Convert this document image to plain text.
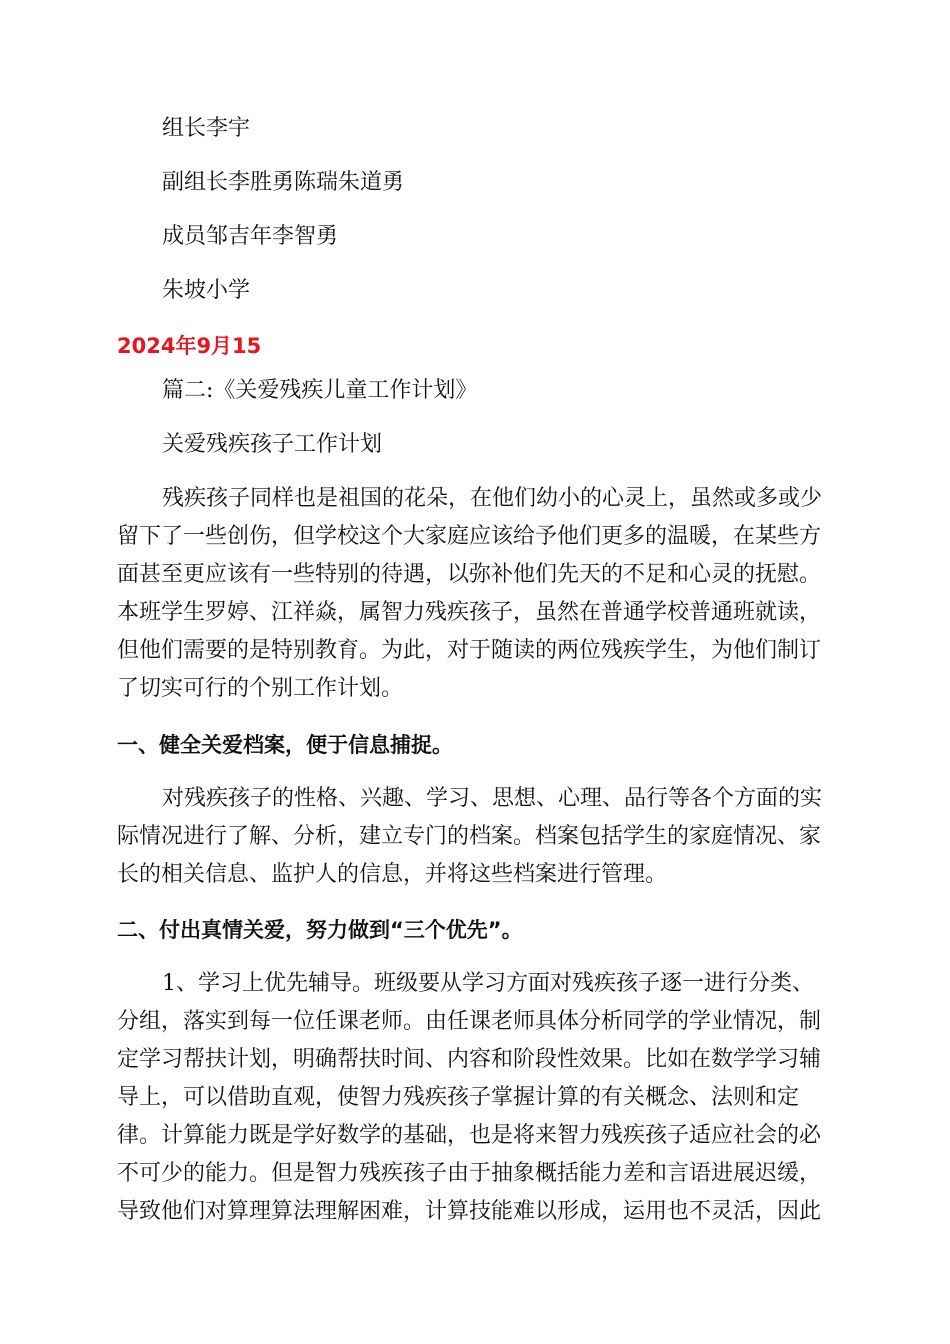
组长李宇
副组长李胜勇陈瑞朱道勇
成员邹吉年李智勇
朱坡小学
2024年9月15
篇二:《关爱残疾儿童工作计划》
关爱残疾孩子工作计划
残疾孩子同样也是祖国的花朵，在他们幼小的心灵上，虽然或多或少
留下了一些创伤，但学校这个大家庭应该给予他们更多的温暖，在某些方
面甚至更应该有一些特别的待遇，以弥补他们先天的不足和心灵的抚慰。
本班学生罗婷、江祥焱，属智力残疾孩子，虽然在普通学校普通班就读，
但他们需要的是特别教育。为此，对于随读的两位残疾学生，为他们制订
了切实可行的个别工作计划。
一、健全关爱档案，便于信息捕捉。
对残疾孩子的性格、兴趣、学习、思想、心理、品行等各个方面的实
际情况进行了解、分析，建立专门的档案。档案包括学生的家庭情况、家
长的相关信息、监护人的信息，并将这些档案进行管理。
二、付出真情关爱，努力做到“三个优先”。
1、学习上优先辅导。班级要从学习方面对残疾孩子逐一进行分类、
分组，落实到每一位任课老师。由任课老师具体分析同学的学业情况，制
定学习帮扶计划，明确帮扶时间、内容和阶段性效果。比如在数学学习辅
导上，可以借助直观，使智力残疾孩子掌握计算的有关概念、法则和定
律。计算能力既是学好数学的基础，也是将来智力残疾孩子适应社会的必
不可少的能力。但是智力残疾孩子由于抽象概括能力差和言语进展迟缓，
导致他们对算理算法理解困难，计算技能难以形成，运用也不灵活，因此
